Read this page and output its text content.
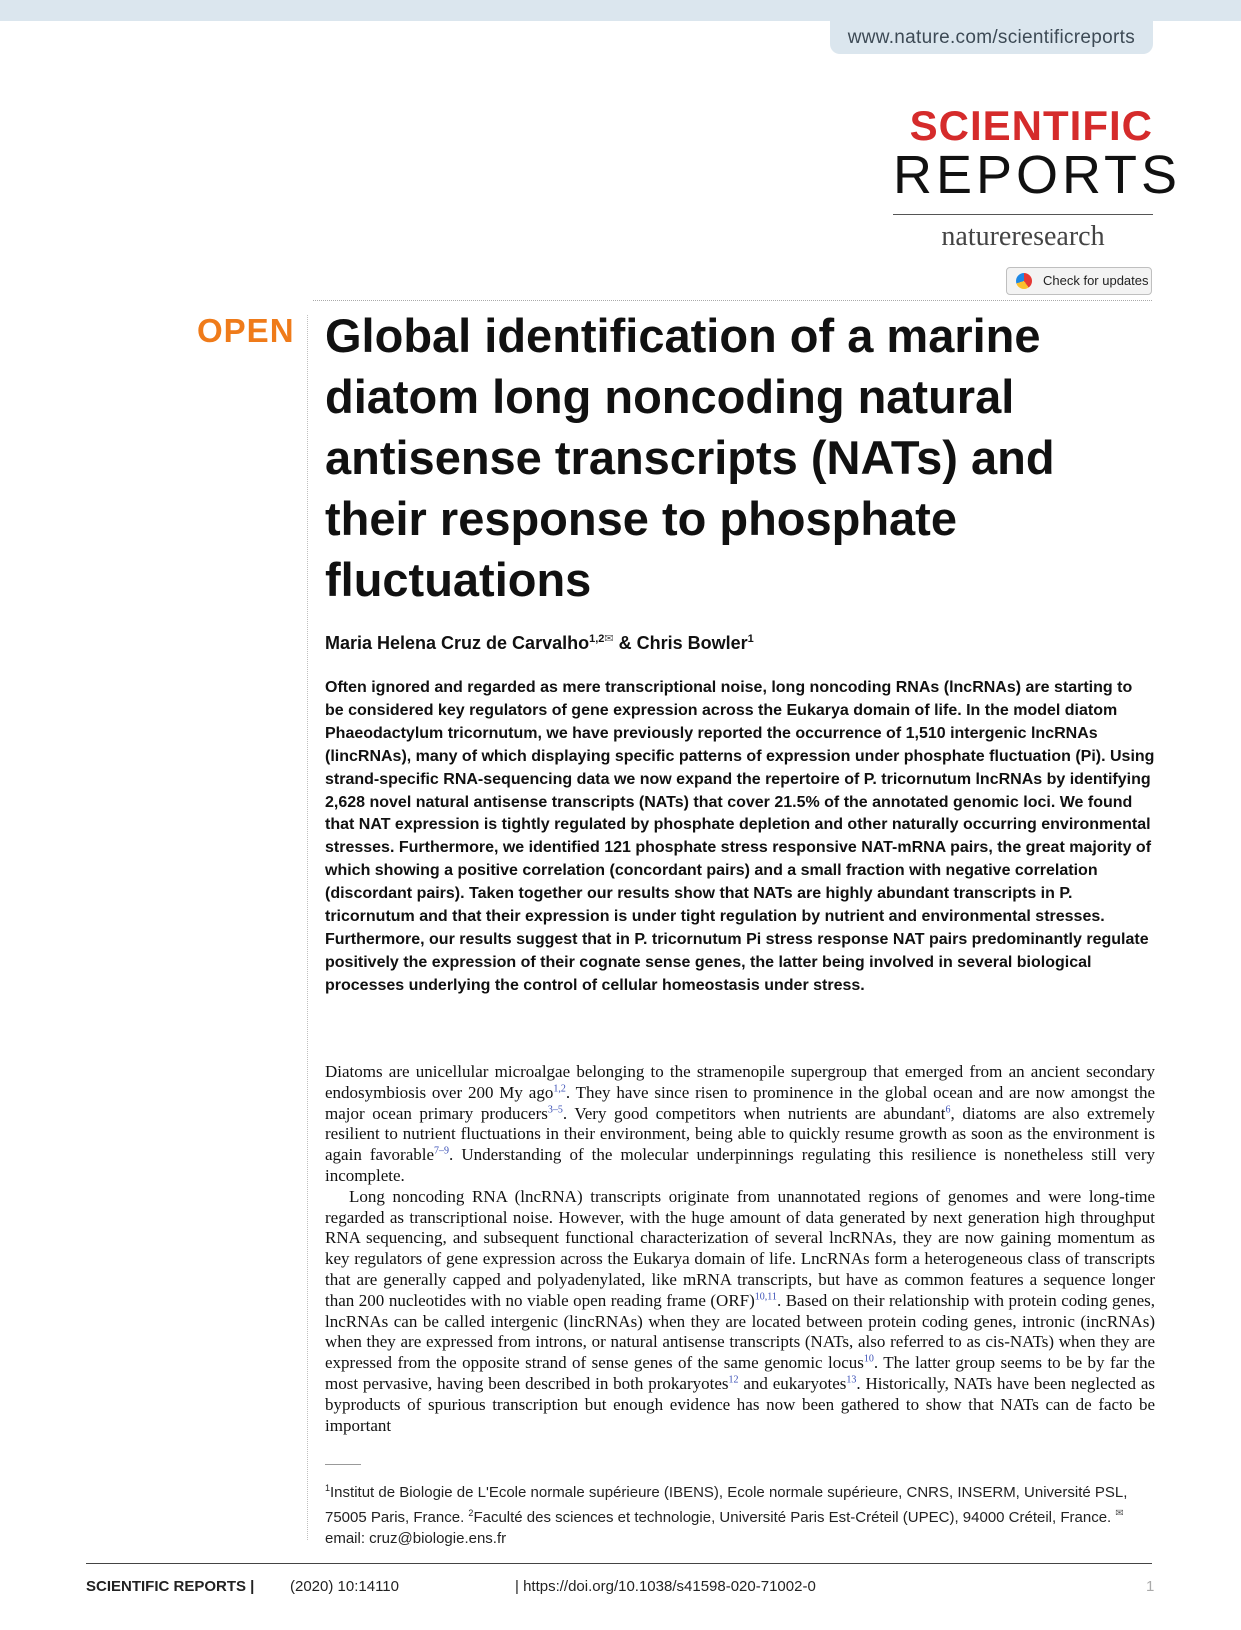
www.nature.com/scientificreports
SCIENTIFIC
REPORTS
natureresearch
Check for updates
OPEN Global identification of a marine diatom long noncoding natural antisense transcripts (NATs) and their response to phosphate fluctuations
Maria Helena Cruz de Carvalho$^{1,2✉}$ & Chris Bowler$^1$
Often ignored and regarded as mere transcriptional noise, long noncoding RNAs (lncRNAs) are starting to be considered key regulators of gene expression across the Eukarya domain of life. In the model diatom Phaeodactylum tricornutum, we have previously reported the occurrence of 1,510 intergenic lncRNAs (lincRNAs), many of which displaying specific patterns of expression under phosphate fluctuation (Pi). Using strand-specific RNA-sequencing data we now expand the repertoire of P. tricornutum lncRNAs by identifying 2,628 novel natural antisense transcripts (NATs) that cover 21.5% of the annotated genomic loci. We found that NAT expression is tightly regulated by phosphate depletion and other naturally occurring environmental stresses. Furthermore, we identified 121 phosphate stress responsive NAT-mRNA pairs, the great majority of which showing a positive correlation (concordant pairs) and a small fraction with negative correlation (discordant pairs). Taken together our results show that NATs are highly abundant transcripts in P. tricornutum and that their expression is under tight regulation by nutrient and environmental stresses. Furthermore, our results suggest that in P. tricornutum Pi stress response NAT pairs predominantly regulate positively the expression of their cognate sense genes, the latter being involved in several biological processes underlying the control of cellular homeostasis under stress.

Diatoms are unicellular microalgae belonging to the stramenopile supergroup that emerged from an ancient secondary endosymbiosis over 200 My ago$^{1,2}$. They have since risen to prominence in the global ocean and are now amongst the major ocean primary producers$^{3-5}$. Very good competitors when nutrients are abundant$^6$, diatoms are also extremely resilient to nutrient fluctuations in their environment, being able to quickly resume growth as soon as the environment is again favorable$^{7-9}$. Understanding of the molecular underpinnings regulating this resilience is nonetheless still very incomplete.

Long noncoding RNA (lncRNA) transcripts originate from unannotated regions of genomes and were long-time regarded as transcriptional noise. However, with the huge amount of data generated by next generation high throughput RNA sequencing, and subsequent functional characterization of several lncRNAs, they are now gaining momentum as key regulators of gene expression across the Eukarya domain of life. LncRNAs form a heterogeneous class of transcripts that are generally capped and polyadenylated, like mRNA transcripts, but have as common features a sequence longer than 200 nucleotides with no viable open reading frame (ORF)$^{10,11}$. Based on their relationship with protein coding genes, lncRNAs can be called intergenic (lincRNAs) when they are located between protein coding genes, intronic (incRNAs) when they are expressed from introns, or natural antisense transcripts (NATs, also referred to as cis-NATs) when they are expressed from the opposite strand of sense genes of the same genomic locus$^{10}$. The latter group seems to be by far the most pervasive, having been described in both prokaryotes$^{12}$ and eukaryotes$^{13}$. Historically, NATs have been neglected as byproducts of spurious transcription but enough evidence has now been gathered to show that NATs can de facto be important

$^1$Institut de Biologie de L'Ecole normale supérieure (IBENS), Ecole normale supérieure, CNRS, INSERM, Université PSL, 75005 Paris, France. $^2$Faculté des sciences et technologie, Université Paris Est-Créteil (UPEC), 94000 Créteil, France. ✉email: cruz@biologie.ens.fr
SCIENTIFIC REPORTS | (2020) 10:14110	| https://doi.org/10.1038/s41598-020-71002-0	1
